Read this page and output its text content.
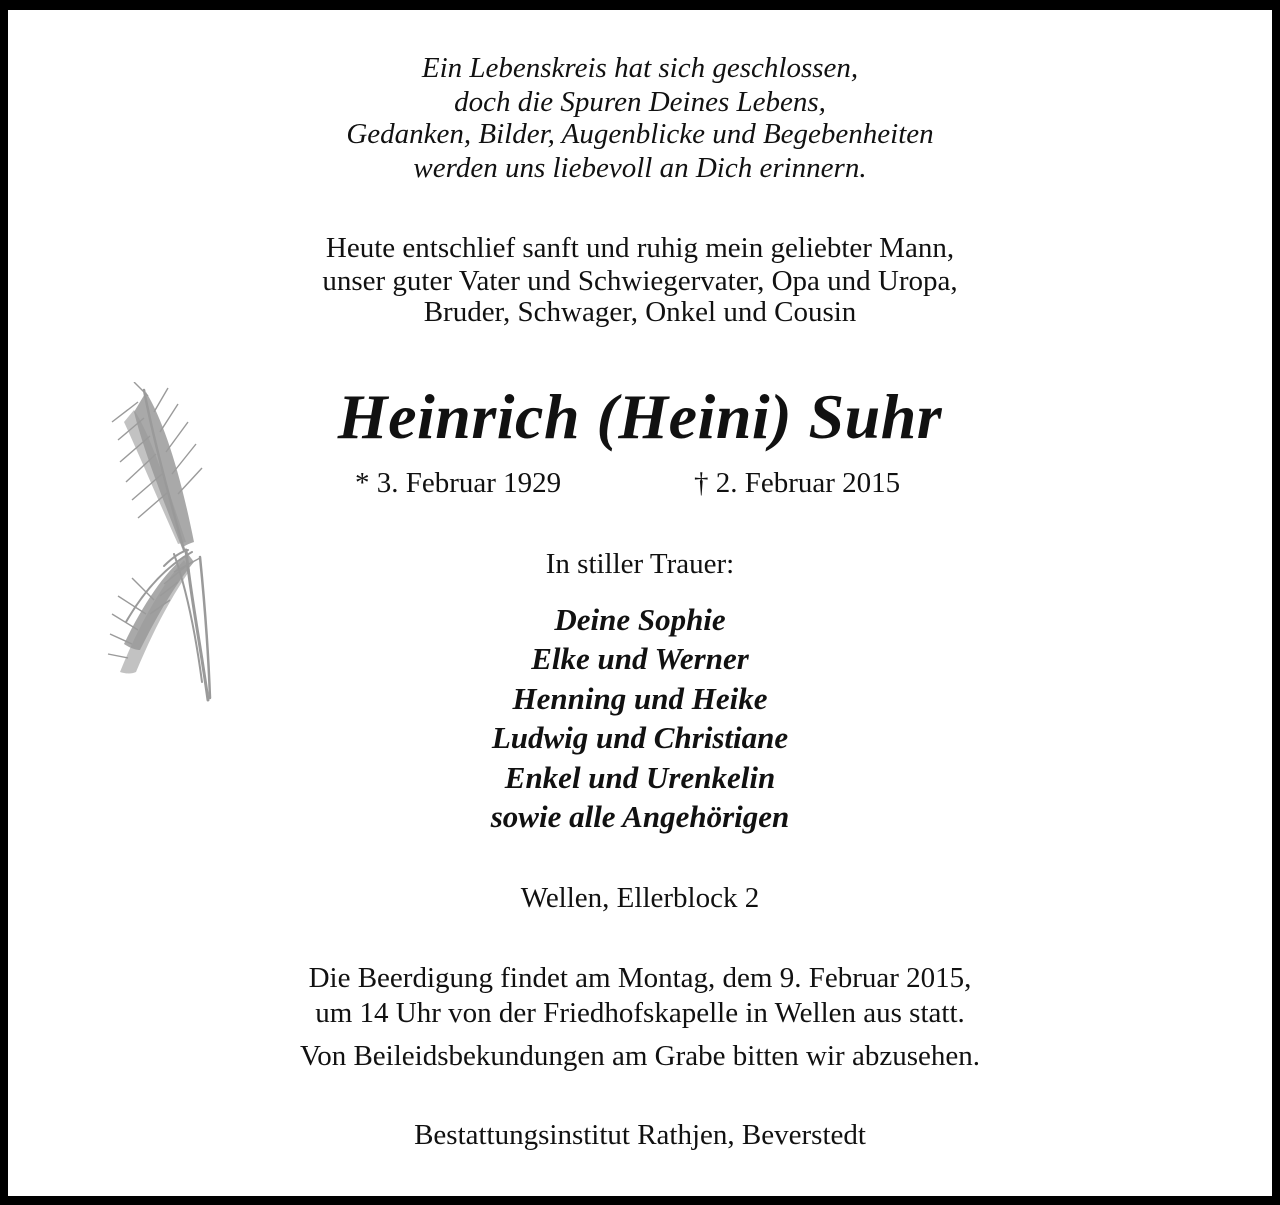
Ein Lebenskreis hat sich geschlossen,
doch die Spuren Deines Lebens,
Gedanken, Bilder, Augenblicke und Begebenheiten
werden uns liebevoll an Dich erinnern.
Heute entschlief sanft und ruhig mein geliebter Mann,
unser guter Vater und Schwiegervater, Opa und Uropa,
Bruder, Schwager, Onkel und Cousin
Heinrich (Heini) Suhr
* 3. Februar 1929	† 2. Februar 2015
In stiller Trauer:
Deine Sophie
Elke und Werner
Henning und Heike
Ludwig und Christiane
Enkel und Urenkelin
sowie alle Angehörigen
Wellen, Ellerblock 2
Die Beerdigung findet am Montag, dem 9. Februar 2015,
um 14 Uhr von der Friedhofskapelle in Wellen aus statt.
Von Beileidsbekundungen am Grabe bitten wir abzusehen.
Bestattungsinstitut Rathjen, Beverstedt
